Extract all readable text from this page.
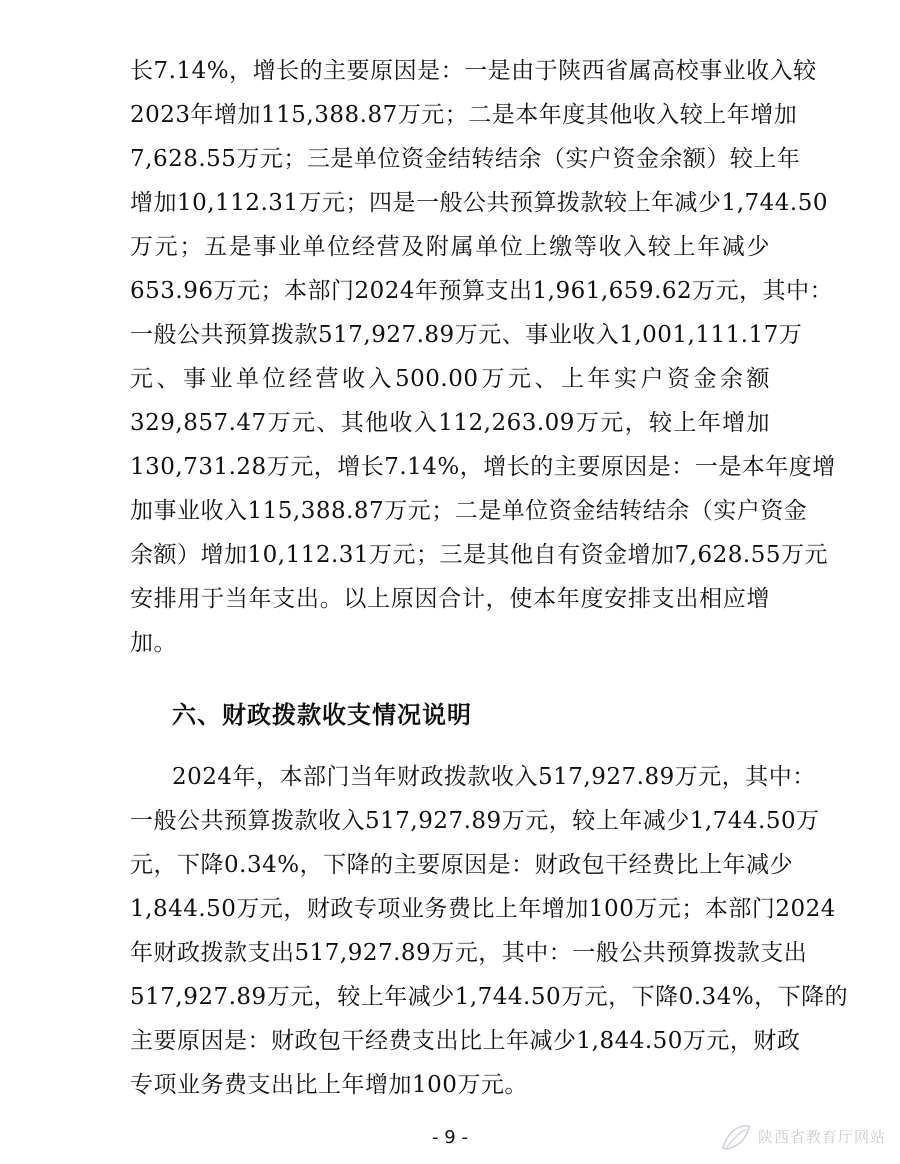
长7.14%，增长的主要原因是：一是由于陕西省属高校事业收入较
2023年增加115,388.87万元；二是本年度其他收入较上年增加
7,628.55万元；三是单位资金结转结余（实户资金余额）较上年
增加10,112.31万元；四是一般公共预算拨款较上年减少1,744.50
万元；五是事业单位经营及附属单位上缴等收入较上年减少
653.96万元；本部门2024年预算支出1,961,659.62万元，其中：
一般公共预算拨款517,927.89万元、事业收入1,001,111.17万
元、事业单位经营收入500.00万元、上年实户资金余额
329,857.47万元、其他收入112,263.09万元，较上年增加
130,731.28万元，增长7.14%，增长的主要原因是：一是本年度增
加事业收入115,388.87万元；二是单位资金结转结余（实户资金
余额）增加10,112.31万元；三是其他自有资金增加7,628.55万元
安排用于当年支出。以上原因合计，使本年度安排支出相应增
加。
六、财政拨款收支情况说明
2024年，本部门当年财政拨款收入517,927.89万元，其中：
一般公共预算拨款收入517,927.89万元，较上年减少1,744.50万
元，下降0.34%，下降的主要原因是：财政包干经费比上年减少
1,844.50万元，财政专项业务费比上年增加100万元；本部门2024
年财政拨款支出517,927.89万元，其中：一般公共预算拨款支出
517,927.89万元，较上年减少1,744.50万元，下降0.34%，下降的
主要原因是：财政包干经费支出比上年减少1,844.50万元，财政
专项业务费支出比上年增加100万元。
- 9 -	陕西省教育厅网站
